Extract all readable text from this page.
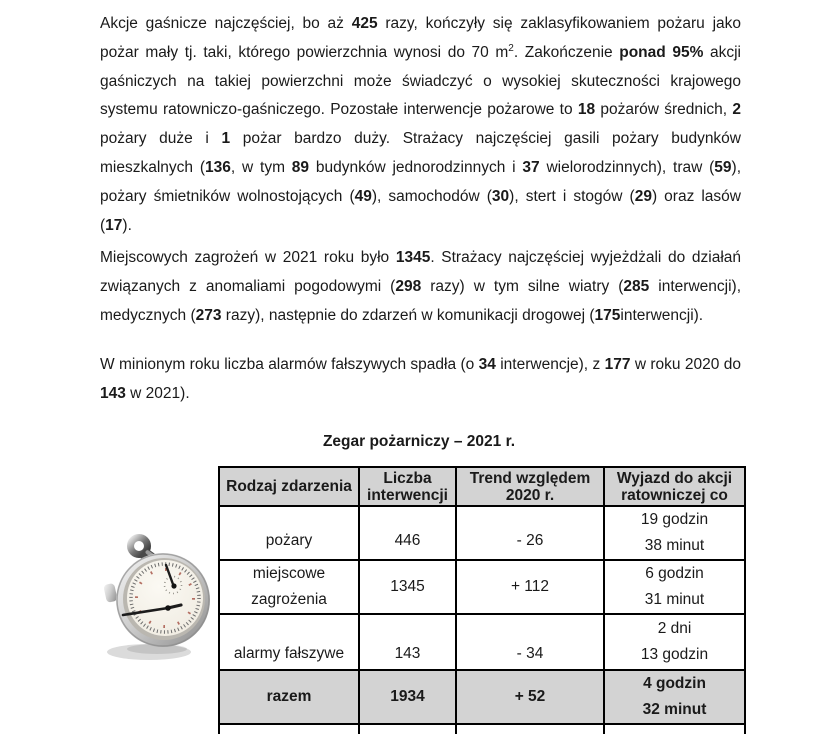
Akcje gaśnicze najczęściej, bo aż 425 razy, kończyły się zaklasyfikowaniem pożaru jako pożar mały tj. taki, którego powierzchnia wynosi do 70 $m^2$. Zakończenie ponad 95% akcji gaśniczych na takiej powierzchni może świadczyć o wysokiej skuteczności krajowego systemu ratowniczo-gaśniczego. Pozostałe interwencje pożarowe to 18 pożarów średnich, 2 pożary duże i 1 pożar bardzo duży. Strażacy najczęściej gasili pożary budynków mieszkalnych (136, w tym 89 budynków jednorodzinnych i 37 wielorodzinnych), traw (59), pożary śmietników wolnostojących (49), samochodów (30), stert i stogów (29) oraz lasów (17).

Miejscowych zagrożeń w 2021 roku było 1345. Strażacy najczęściej wyjeżdżali do działań związanych z anomaliami pogodowymi (298 razy) w tym silne wiatry (285 interwencji), medycznych (273 razy), następnie do zdarzeń w komunikacji drogowej (175interwencji).

W minionym roku liczba alarmów fałszywych spadła (o 34 interwencje), z 177 w roku 2020 do 143 w 2021).

Zegar pożarniczy – 2021 r.
Rodzaj zdarzenia	Liczba interwencji	Trend względem 2020 r.	Wyjazd do akcji ratowniczej co
pożary	446	- 26	19 godzin
38 minut

miejscowe zagrożenia	1345	+ 112	6 godzin
31 minut

alarmy fałszywe	143	- 34	2 dni
13 godzin

razem	1934	+ 52	4 godzin
32 minut
